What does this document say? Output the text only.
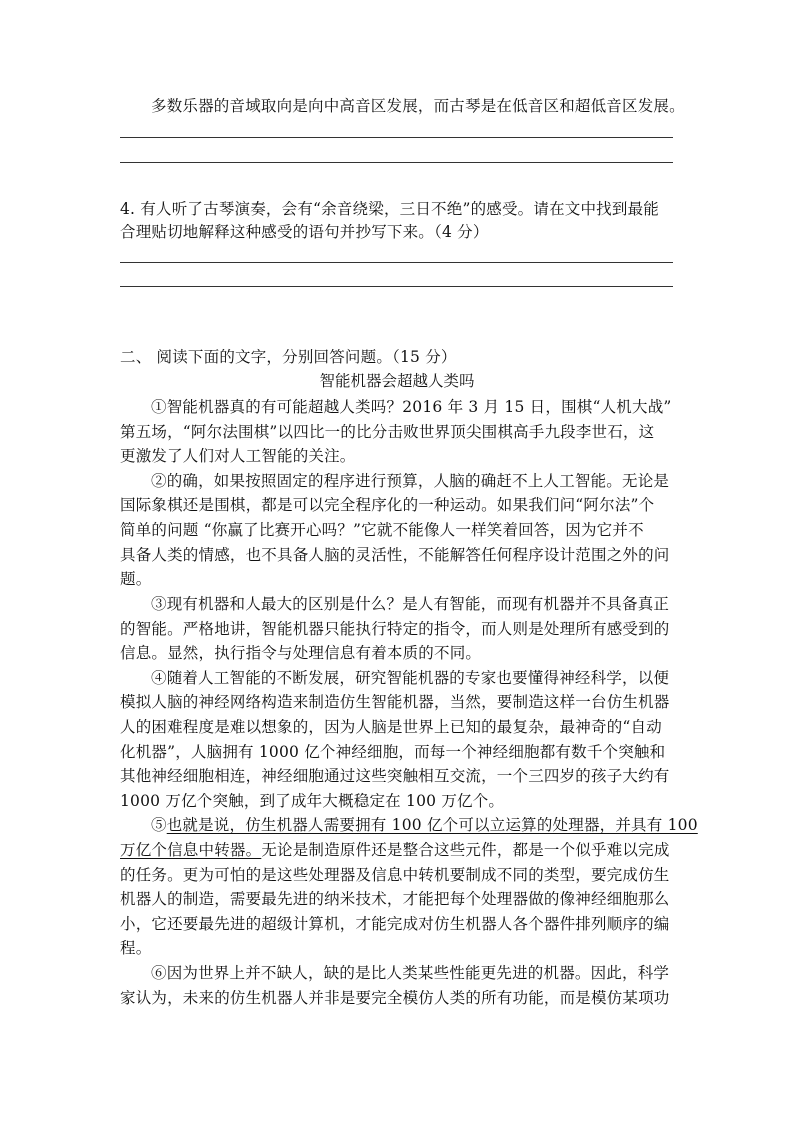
多数乐器的音域取向是向中高音区发展，而古琴是在低音区和超低音区发展。
4. 有人听了古琴演奏，会有“余音绕梁，三日不绝”的感受。请在文中找到最能
合理贴切地解释这种感受的语句并抄写下来。（4 分）
二、 阅读下面的文字，分别回答问题。（15 分）
智能机器会超越人类吗
①智能机器真的有可能超越人类吗？2016 年 3 月 15 日，围棋“人机大战”
第五场，“阿尔法围棋”以四比一的比分击败世界顶尖围棋高手九段李世石，这
更激发了人们对人工智能的关注。
②的确，如果按照固定的程序进行预算，人脑的确赶不上人工智能。无论是
国际象棋还是围棋，都是可以完全程序化的一种运动。如果我们问“阿尔法”个
简单的问题 “你赢了比赛开心吗？”它就不能像人一样笑着回答，因为它并不
具备人类的情感，也不具备人脑的灵活性，不能解答任何程序设计范围之外的问
题。
③现有机器和人最大的区别是什么？是人有智能，而现有机器并不具备真正
的智能。严格地讲，智能机器只能执行特定的指令，而人则是处理所有感受到的
信息。显然，执行指令与处理信息有着本质的不同。
④随着人工智能的不断发展，研究智能机器的专家也要懂得神经科学，以便
模拟人脑的神经网络构造来制造仿生智能机器，当然，要制造这样一台仿生机器
人的困难程度是难以想象的，因为人脑是世界上已知的最复杂，最神奇的“自动
化机器”，人脑拥有 1000 亿个神经细胞，而每一个神经细胞都有数千个突触和
其他神经细胞相连，神经细胞通过这些突触相互交流，一个三四岁的孩子大约有
1000 万亿个突触，到了成年大概稳定在 100 万亿个。
⑤也就是说，仿生机器人需要拥有 100 亿个可以立运算的处理器，并具有 100
万亿个信息中转器。无论是制造原件还是整合这些元件，都是一个似乎难以完成
的任务。更为可怕的是这些处理器及信息中转机要制成不同的类型，要完成仿生
机器人的制造，需要最先进的纳米技术，才能把每个处理器做的像神经细胞那么
小，它还要最先进的超级计算机，才能完成对仿生机器人各个器件排列顺序的编
程。
⑥因为世界上并不缺人，缺的是比人类某些性能更先进的机器。因此，科学
家认为，未来的仿生机器人并非是要完全模仿人类的所有功能，而是模仿某项功
